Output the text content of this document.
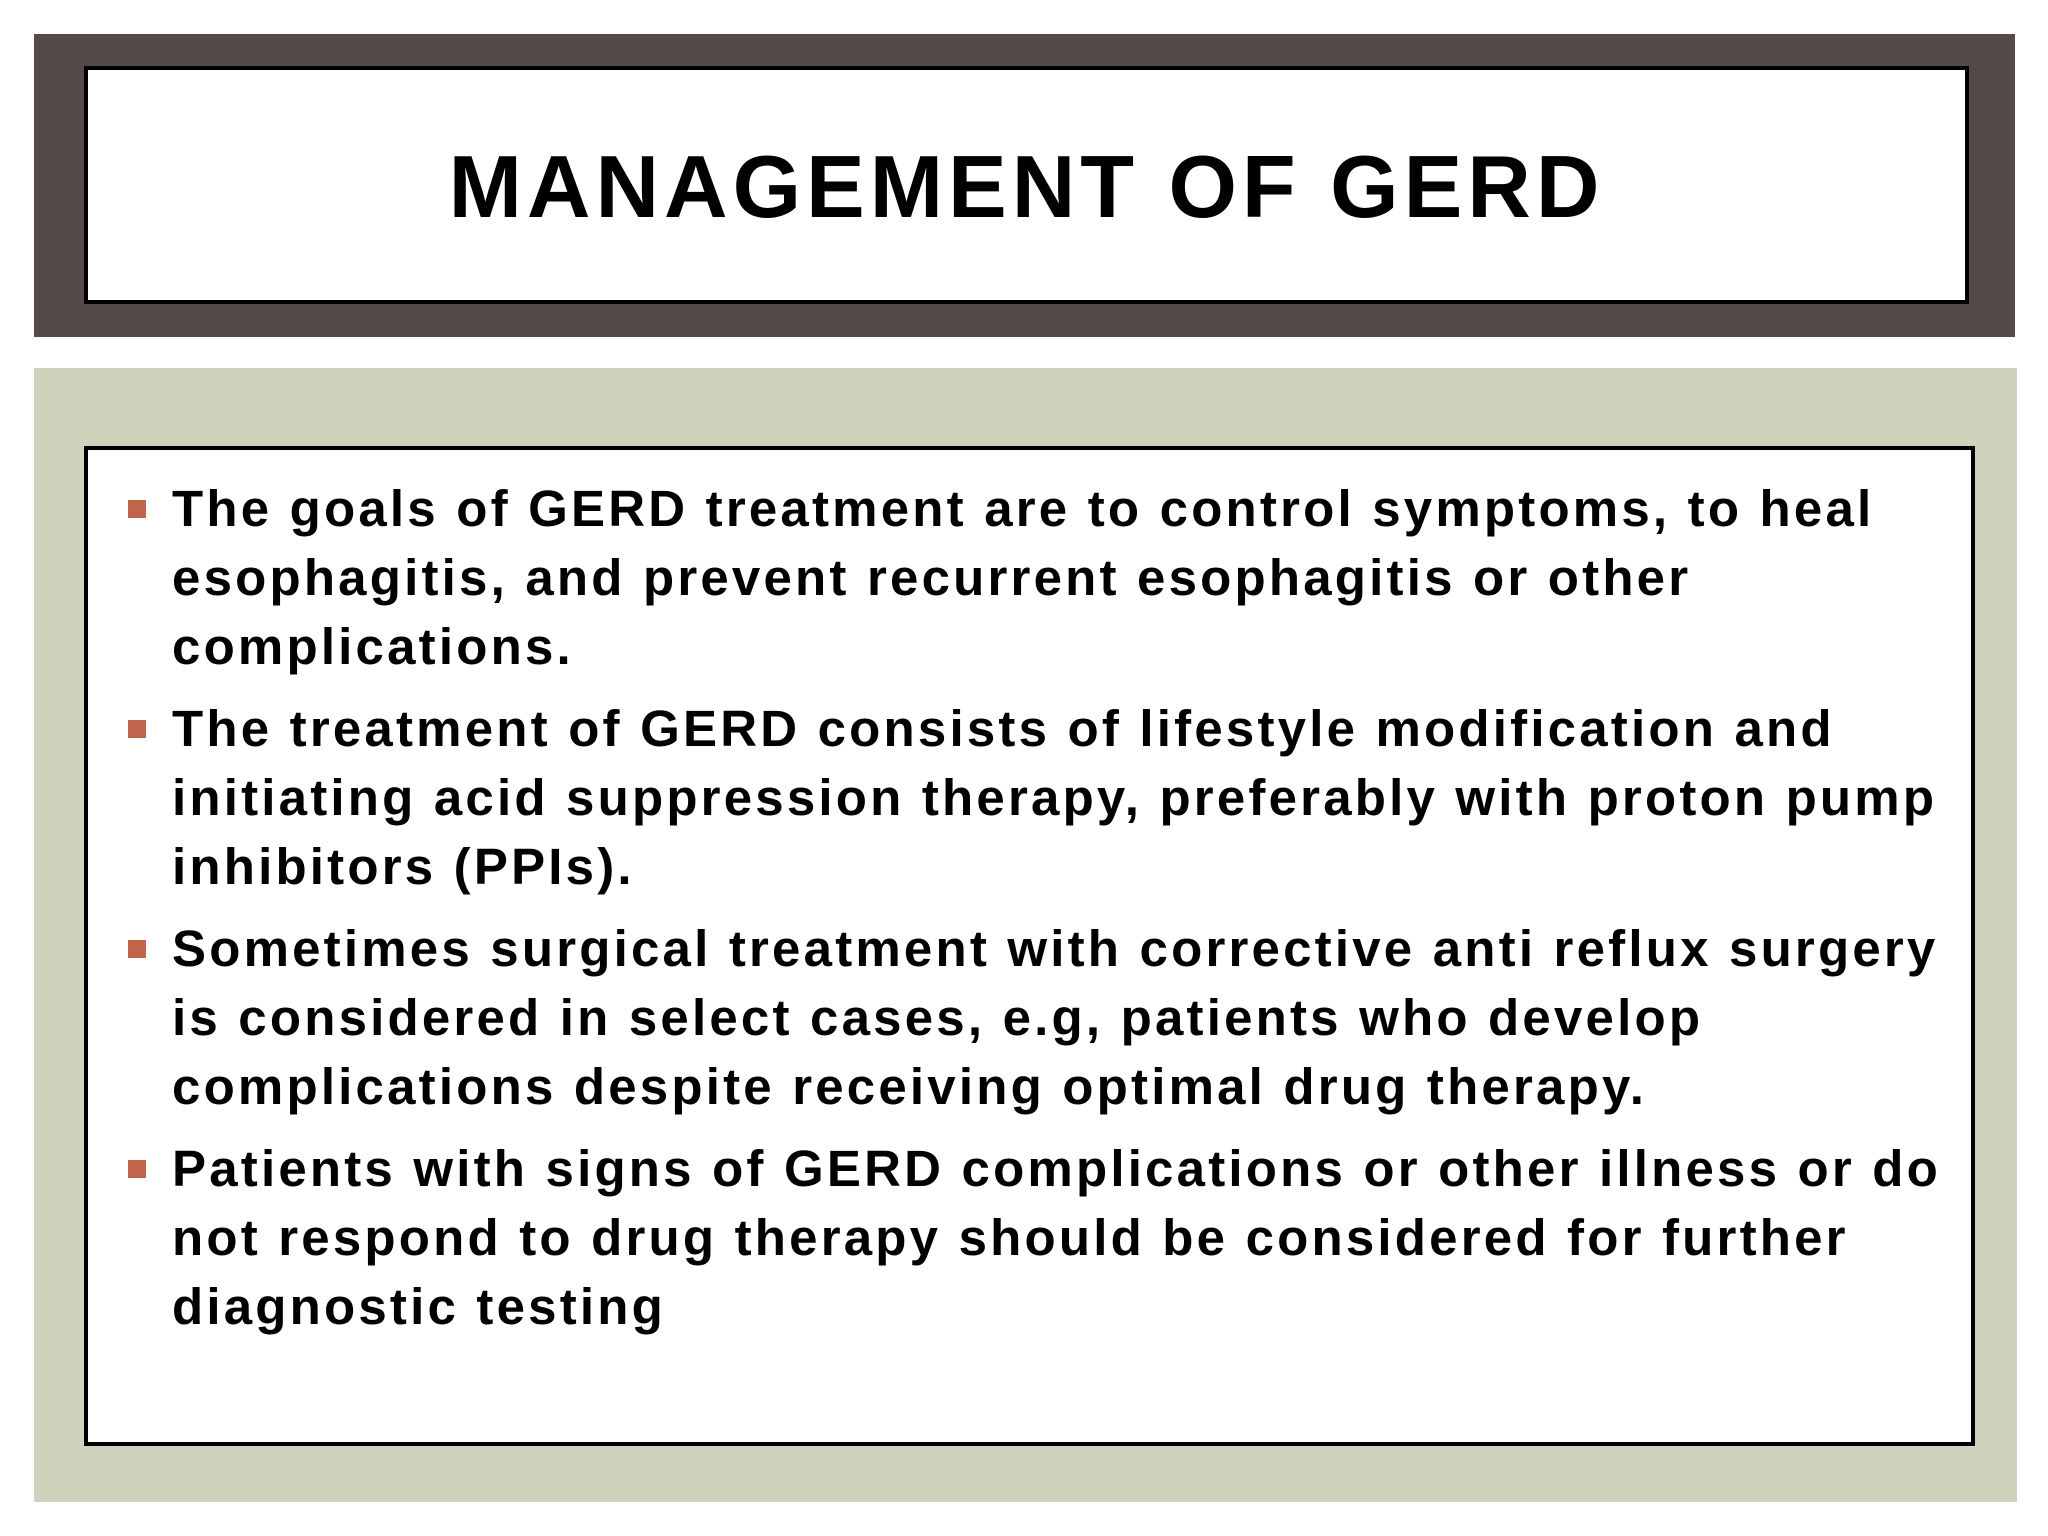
MANAGEMENT OF GERD
The goals of GERD treatment are to control symptoms, to heal esophagitis, and prevent recurrent esophagitis or other complications.
The treatment of GERD consists of lifestyle modification and initiating acid suppression therapy, preferably with proton pump inhibitors (PPIs).
Sometimes surgical treatment with corrective anti reflux surgery is considered in select cases, e.g, patients who develop complications despite receiving optimal drug therapy.
Patients with signs of GERD complications or other illness or do not respond to drug therapy should be considered for further diagnostic testing
